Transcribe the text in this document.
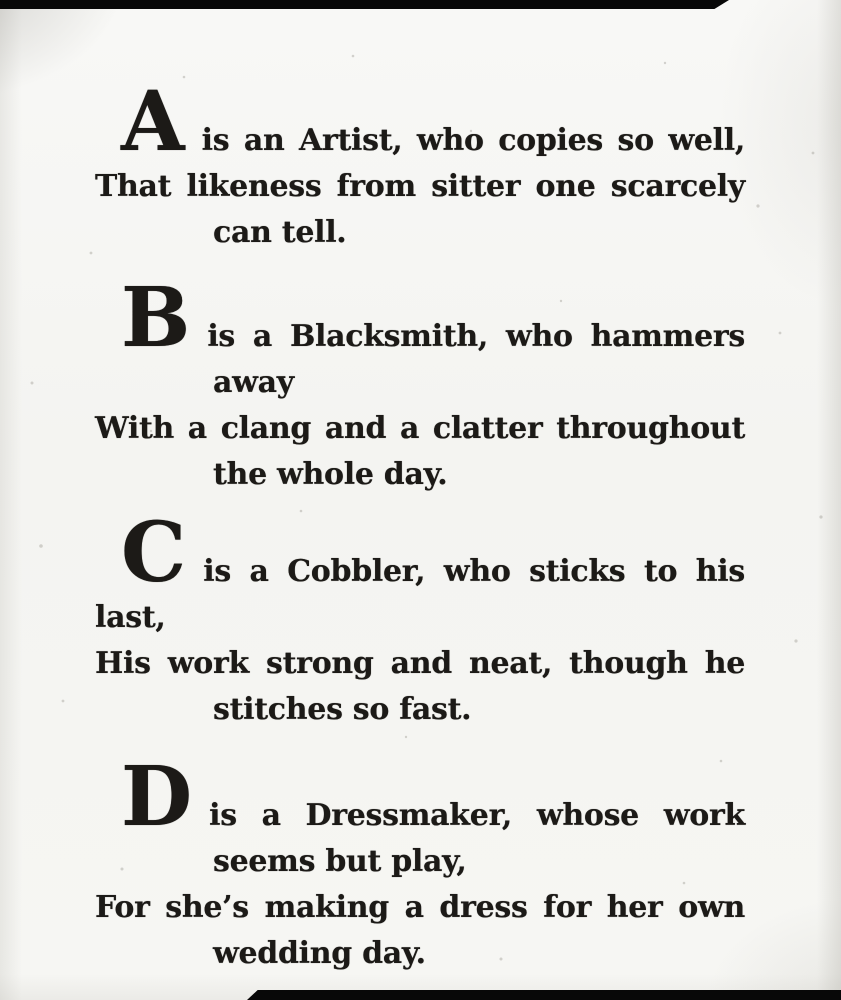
Ais an Artist, who copies so well,

That likeness from sitter one scarcely

can tell.

Bis a Blacksmith, who hammers

away

With a clang and a clatter throughout

the whole day.

Cis a Cobbler, who sticks to his last,

His work strong and neat, though he

stitches so fast.

Dis a Dressmaker, whose work

seems but play,

For she’s making a dress for her own

wedding day.
